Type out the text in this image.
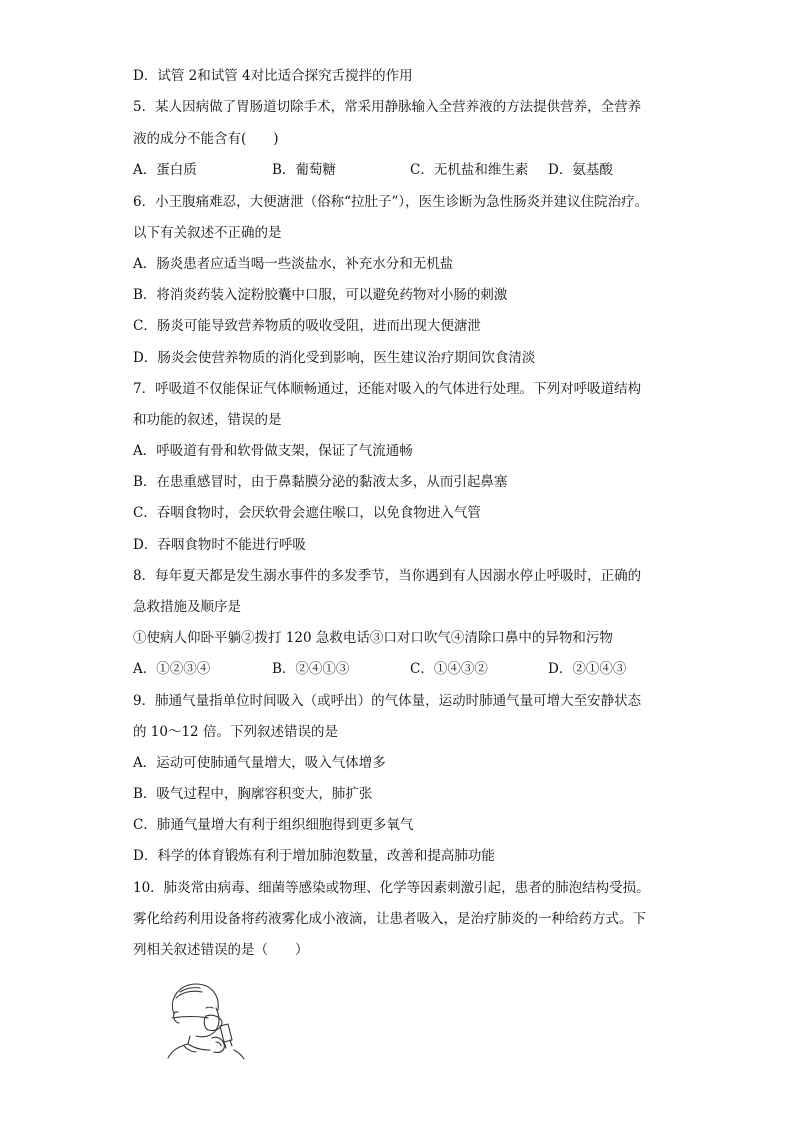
D．试管 2和试管 4对比适合探究舌搅拌的作用
5．某人因病做了胃肠道切除手术，常采用静脉输入全营养液的方法提供营养，全营养
液的成分不能含有(　　)
A．蛋白质	B．葡萄糖	C．无机盐和维生素 D．氨基酸
6．小王腹痛难忍，大便溏泄（俗称“拉肚子”），医生诊断为急性肠炎并建议住院治疗。
以下有关叙述不正确的是
A．肠炎患者应适当喝一些淡盐水，补充水分和无机盐
B．将消炎药装入淀粉胶囊中口服，可以避免药物对小肠的刺激
C．肠炎可能导致营养物质的吸收受阻，进而出现大便溏泄
D．肠炎会使营养物质的消化受到影响，医生建议治疗期间饮食清淡
7．呼吸道不仅能保证气体顺畅通过，还能对吸入的气体进行处理。下列对呼吸道结构
和功能的叙述，错误的是
A．呼吸道有骨和软骨做支架，保证了气流通畅
B．在患重感冒时，由于鼻黏膜分泌的黏液太多，从而引起鼻塞
C．吞咽食物时，会厌软骨会遮住喉口，以免食物进入气管
D．吞咽食物时不能进行呼吸
8．每年夏天都是发生溺水事件的多发季节，当你遇到有人因溺水停止呼吸时，正确的
急救措施及顺序是
①使病人仰卧平躺②拨打 120 急救电话③口对口吹气④清除口鼻中的异物和污物
A．①②③④	B．②④①③	C．①④③②	D．②①④③
9．肺通气量指单位时间吸入（或呼出）的气体量，运动时肺通气量可增大至安静状态
的 10～12 倍。下列叙述错误的是
A．运动可使肺通气量增大，吸入气体增多
B．吸气过程中，胸廓容积变大，肺扩张
C．肺通气量增大有利于组织细胞得到更多氧气
D．科学的体育锻炼有利于增加肺泡数量，改善和提高肺功能
10．肺炎常由病毒、细菌等感染或物理、化学等因素刺激引起，患者的肺泡结构受损。
雾化给药利用设备将药液雾化成小液滴，让患者吸入，是治疗肺炎的一种给药方式。下
列相关叙述错误的是（　　）
